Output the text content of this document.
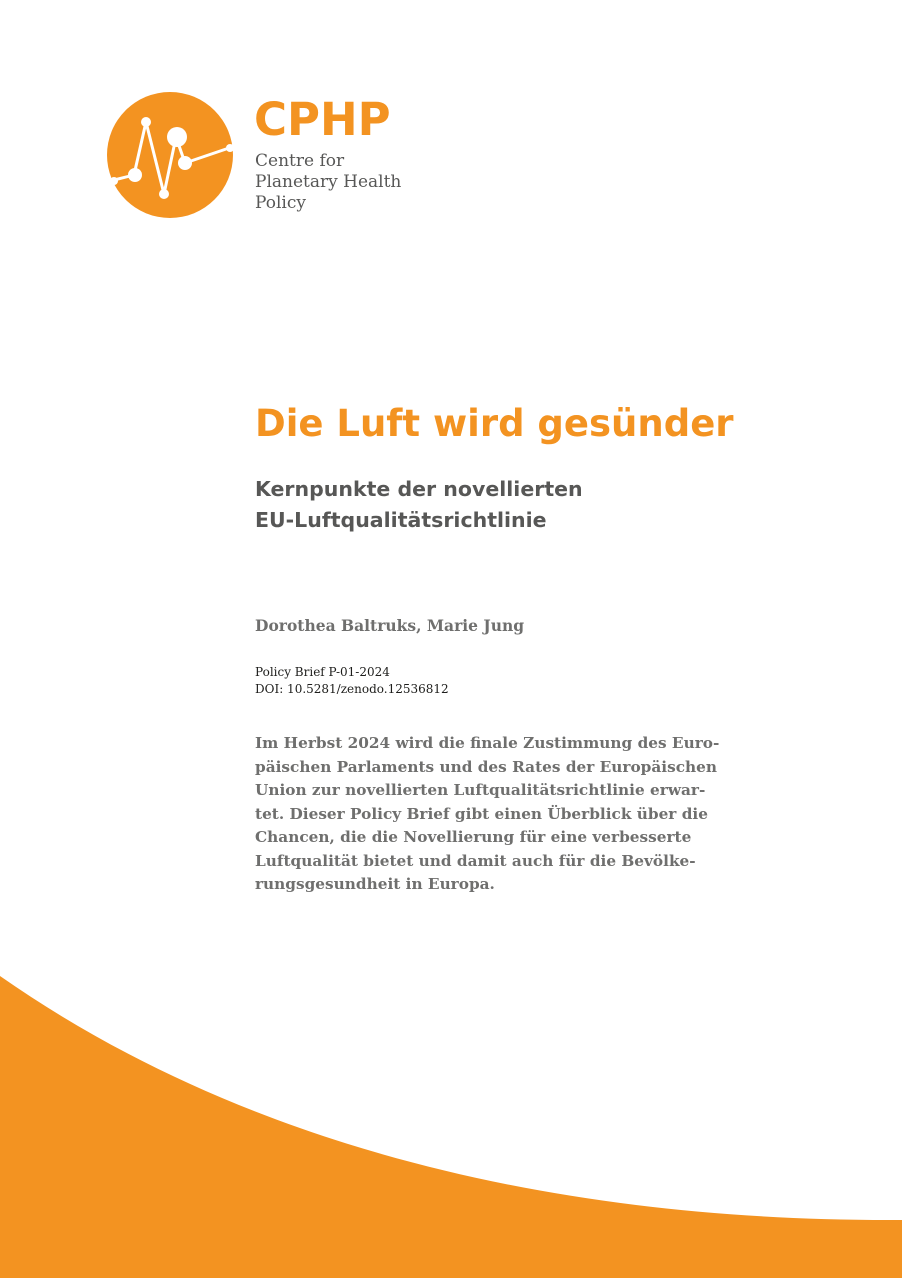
CPHP
Centre for
Planetary Health
Policy
Die Luft wird gesünder
Kernpunkte der novellierten
EU-Luftqualitätsrichtlinie
Dorothea Baltruks, Marie Jung
Policy Brief P-01-2024
DOI: 10.5281/zenodo.12536812
Im Herbst 2024 wird die finale Zustimmung des Euro-
päischen Parlaments und des Rates der Europäischen
Union zur novellierten Luftqualitätsrichtlinie erwar-
tet. Dieser Policy Brief gibt einen Überblick über die
Chancen, die die Novellierung für eine verbesserte
Luftqualität bietet und damit auch für die Bevölke-
rungsgesundheit in Europa.
